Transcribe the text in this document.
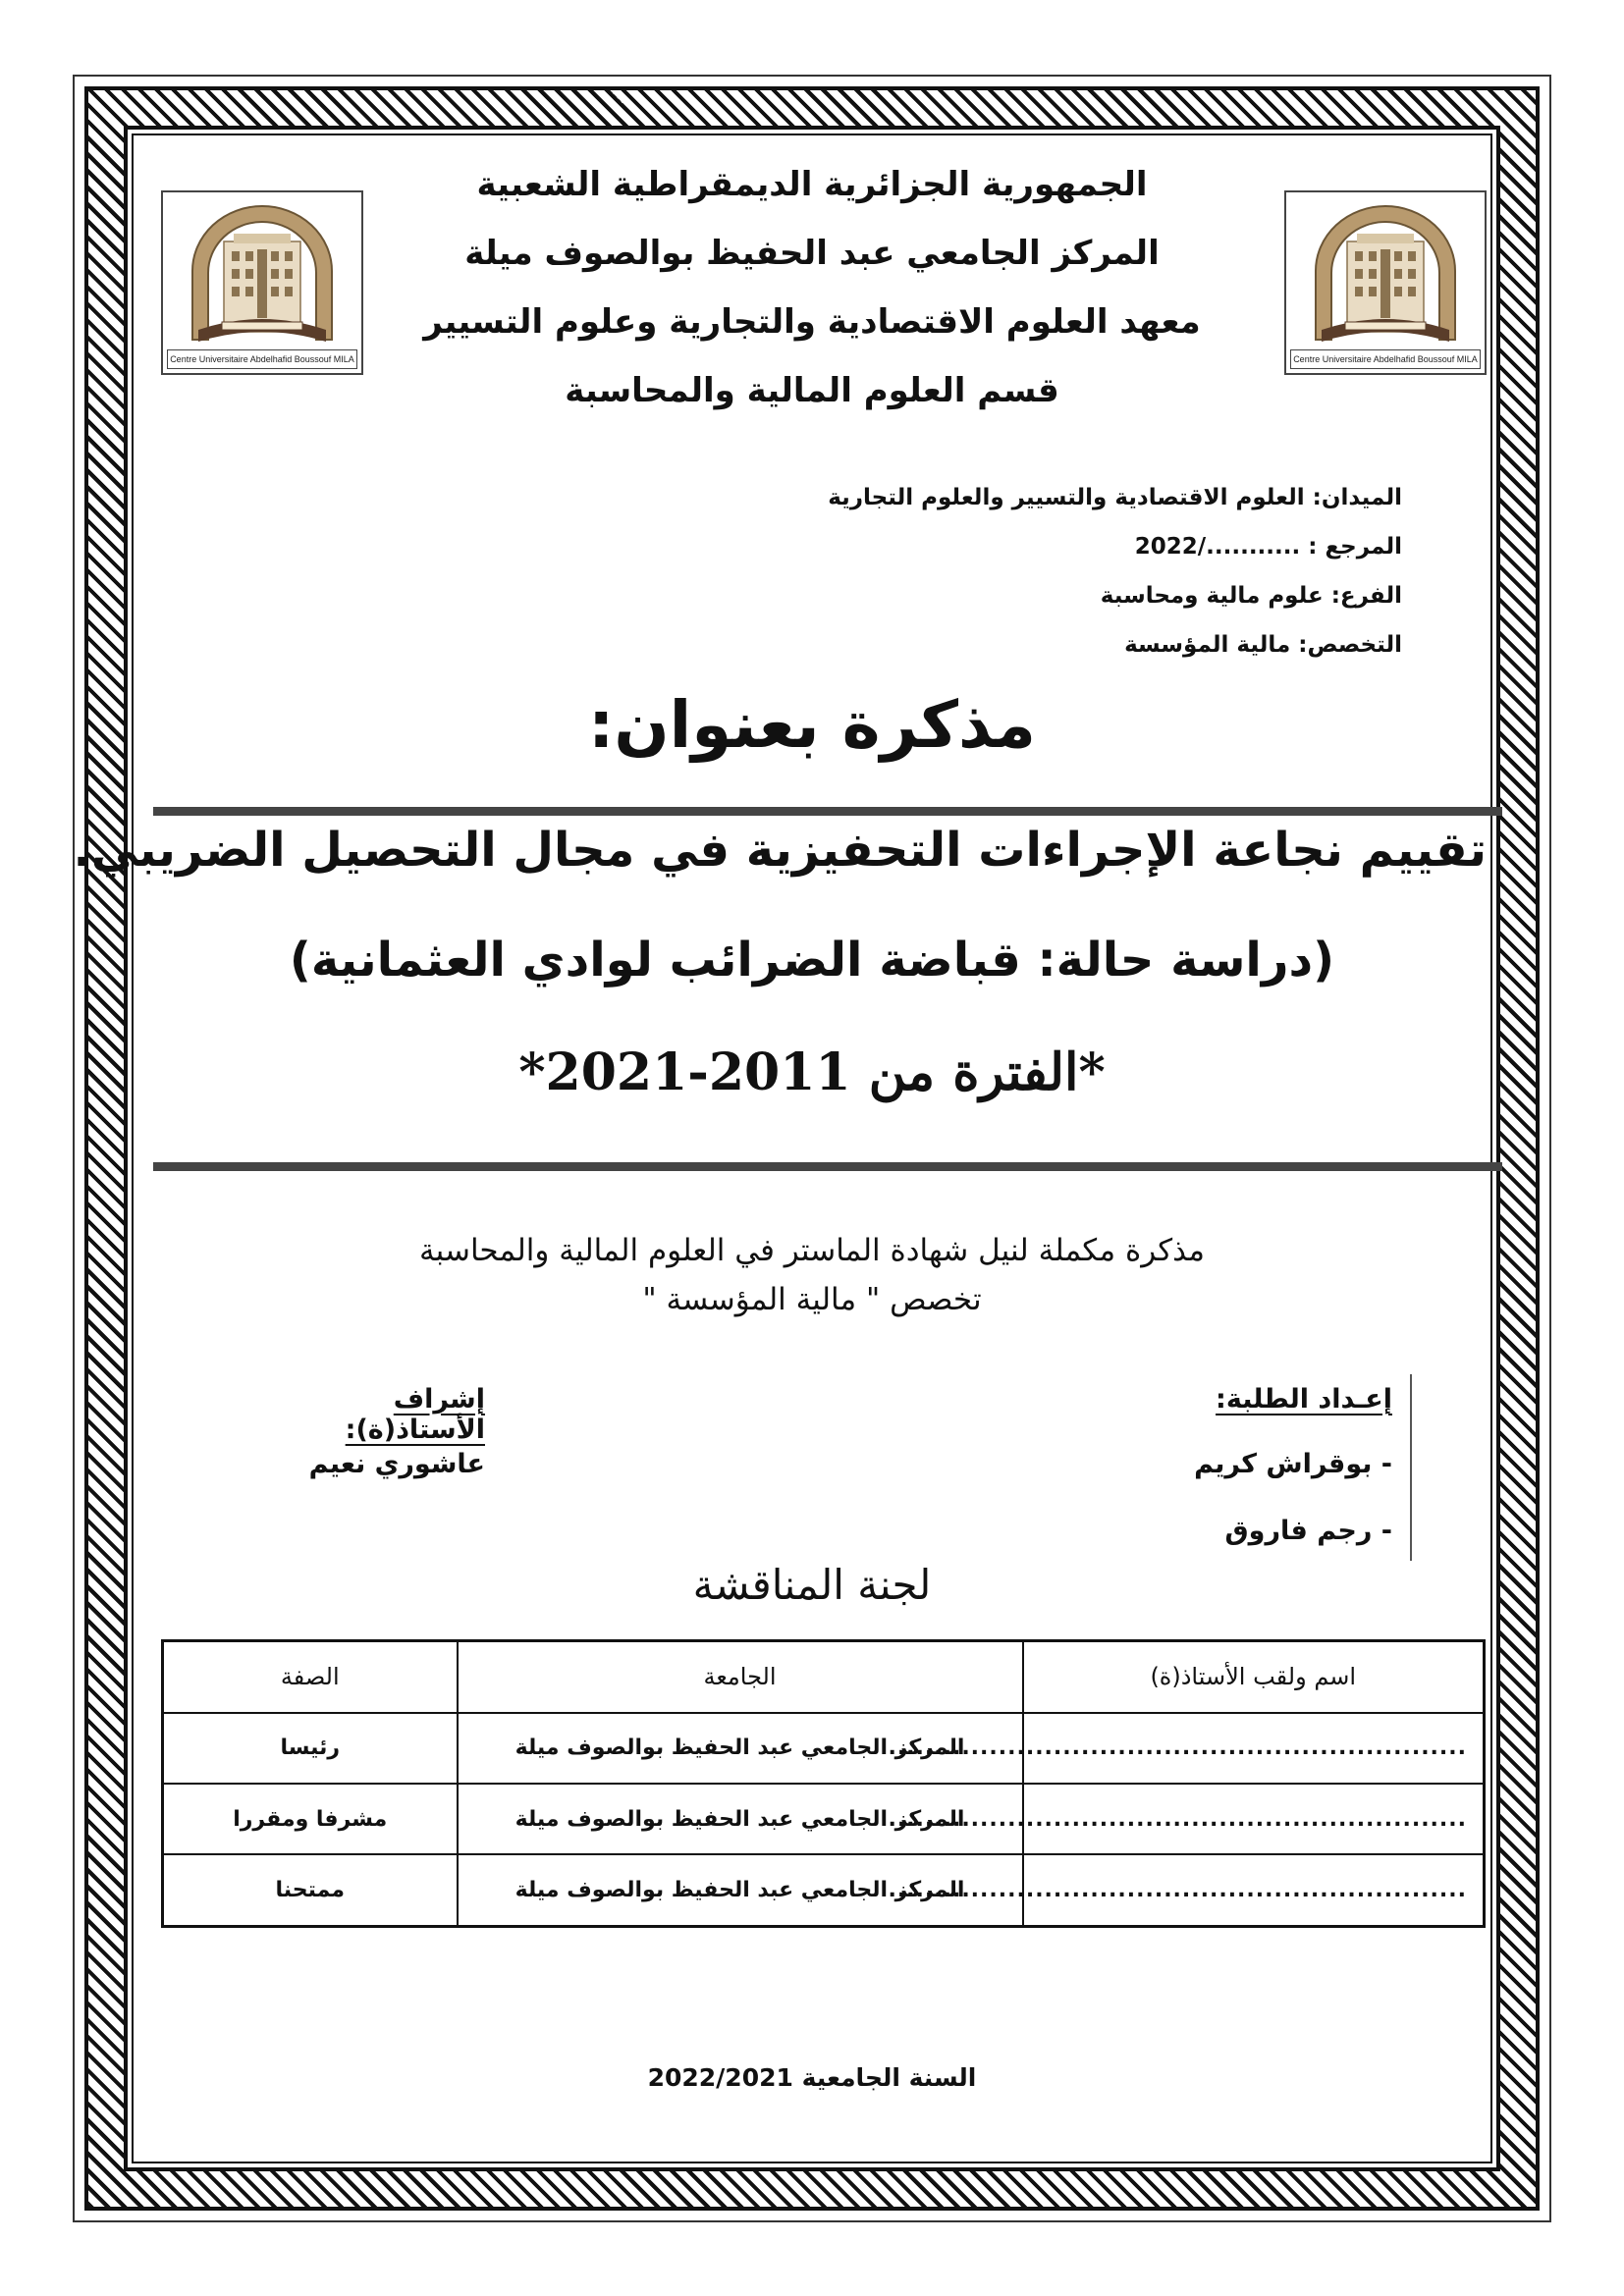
Centre Universitaire Abdelhafid Boussouf MILA
Centre Universitaire Abdelhafid Boussouf MILA
الجمهورية الجزائرية الديمقراطية الشعبية
المركز الجامعي عبد الحفيظ بوالصوف ميلة
معهد العلوم الاقتصادية والتجارية وعلوم التسيير
قسم العلوم المالية والمحاسبة
الميدان: العلوم الاقتصادية والتسيير والعلوم التجارية
المرجع : .........../2022
الفرع: علوم مالية ومحاسبة
التخصص: مالية المؤسسة
مذكرة بعنوان:
تقييم نجاعة الإجراءات التحفيزية في مجال التحصيل الضريبي.
(دراسة حالة: قباضة الضرائب لوادي العثمانية)
*الفترة من 2011-2021*
مذكرة مكملة لنيل شهادة الماستر في العلوم المالية والمحاسبة
تخصص " مالية المؤسسة "
إعـداد الطلبة:
- بوقراش كريم
- رجم فاروق
إشراف الأستاذ(ة):
عاشوري نعيم
لجنة المناقشة
اسم ولقب الأستاذ(ة)	الجامعة	الصفة
...............................................................	المركز الجامعي عبد الحفيظ بوالصوف ميلة	رئيسا
...............................................................	المركز الجامعي عبد الحفيظ بوالصوف ميلة	مشرفا ومقررا
...............................................................	المركز الجامعي عبد الحفيظ بوالصوف ميلة	ممتحنا
السنة الجامعية 2022/2021
